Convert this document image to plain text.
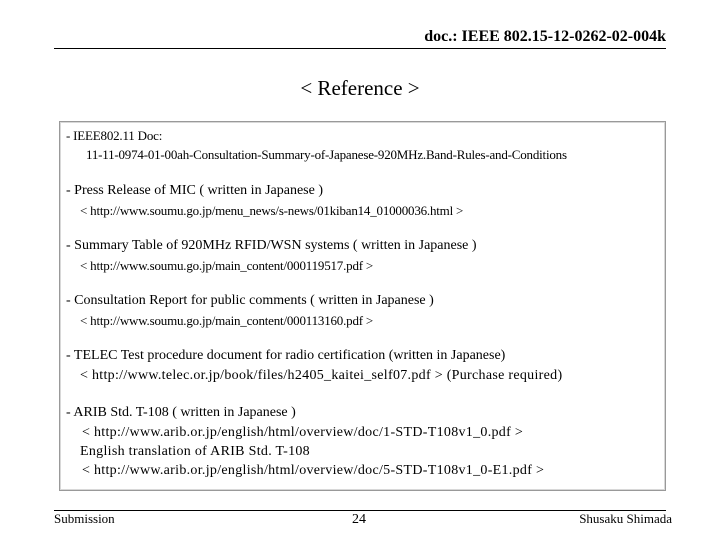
doc.: IEEE 802.15-12-0262-02-004k
< Reference >
- IEEE802.11 Doc:
11-11-0974-01-00ah-Consultation-Summary-of-Japanese-920MHz.Band-Rules-and-Conditions
- Press Release of MIC ( written in Japanese )
< http://www.soumu.go.jp/menu_news/s-news/01kiban14_01000036.html >
- Summary Table of 920MHz RFID/WSN systems ( written in Japanese )
< http://www.soumu.go.jp/main_content/000119517.pdf >
- Consultation Report for public comments ( written in Japanese )
< http://www.soumu.go.jp/main_content/000113160.pdf >
- TELEC Test procedure document for radio certification (written in Japanese)
< http://www.telec.or.jp/book/files/h2405_kaitei_self07.pdf > (Purchase required)
- ARIB Std. T-108 ( written in Japanese )
< http://www.arib.or.jp/english/html/overview/doc/1-STD-T108v1_0.pdf >
English translation of ARIB Std. T-108
< http://www.arib.or.jp/english/html/overview/doc/5-STD-T108v1_0-E1.pdf >
Submission	24	Shusaku Shimada
